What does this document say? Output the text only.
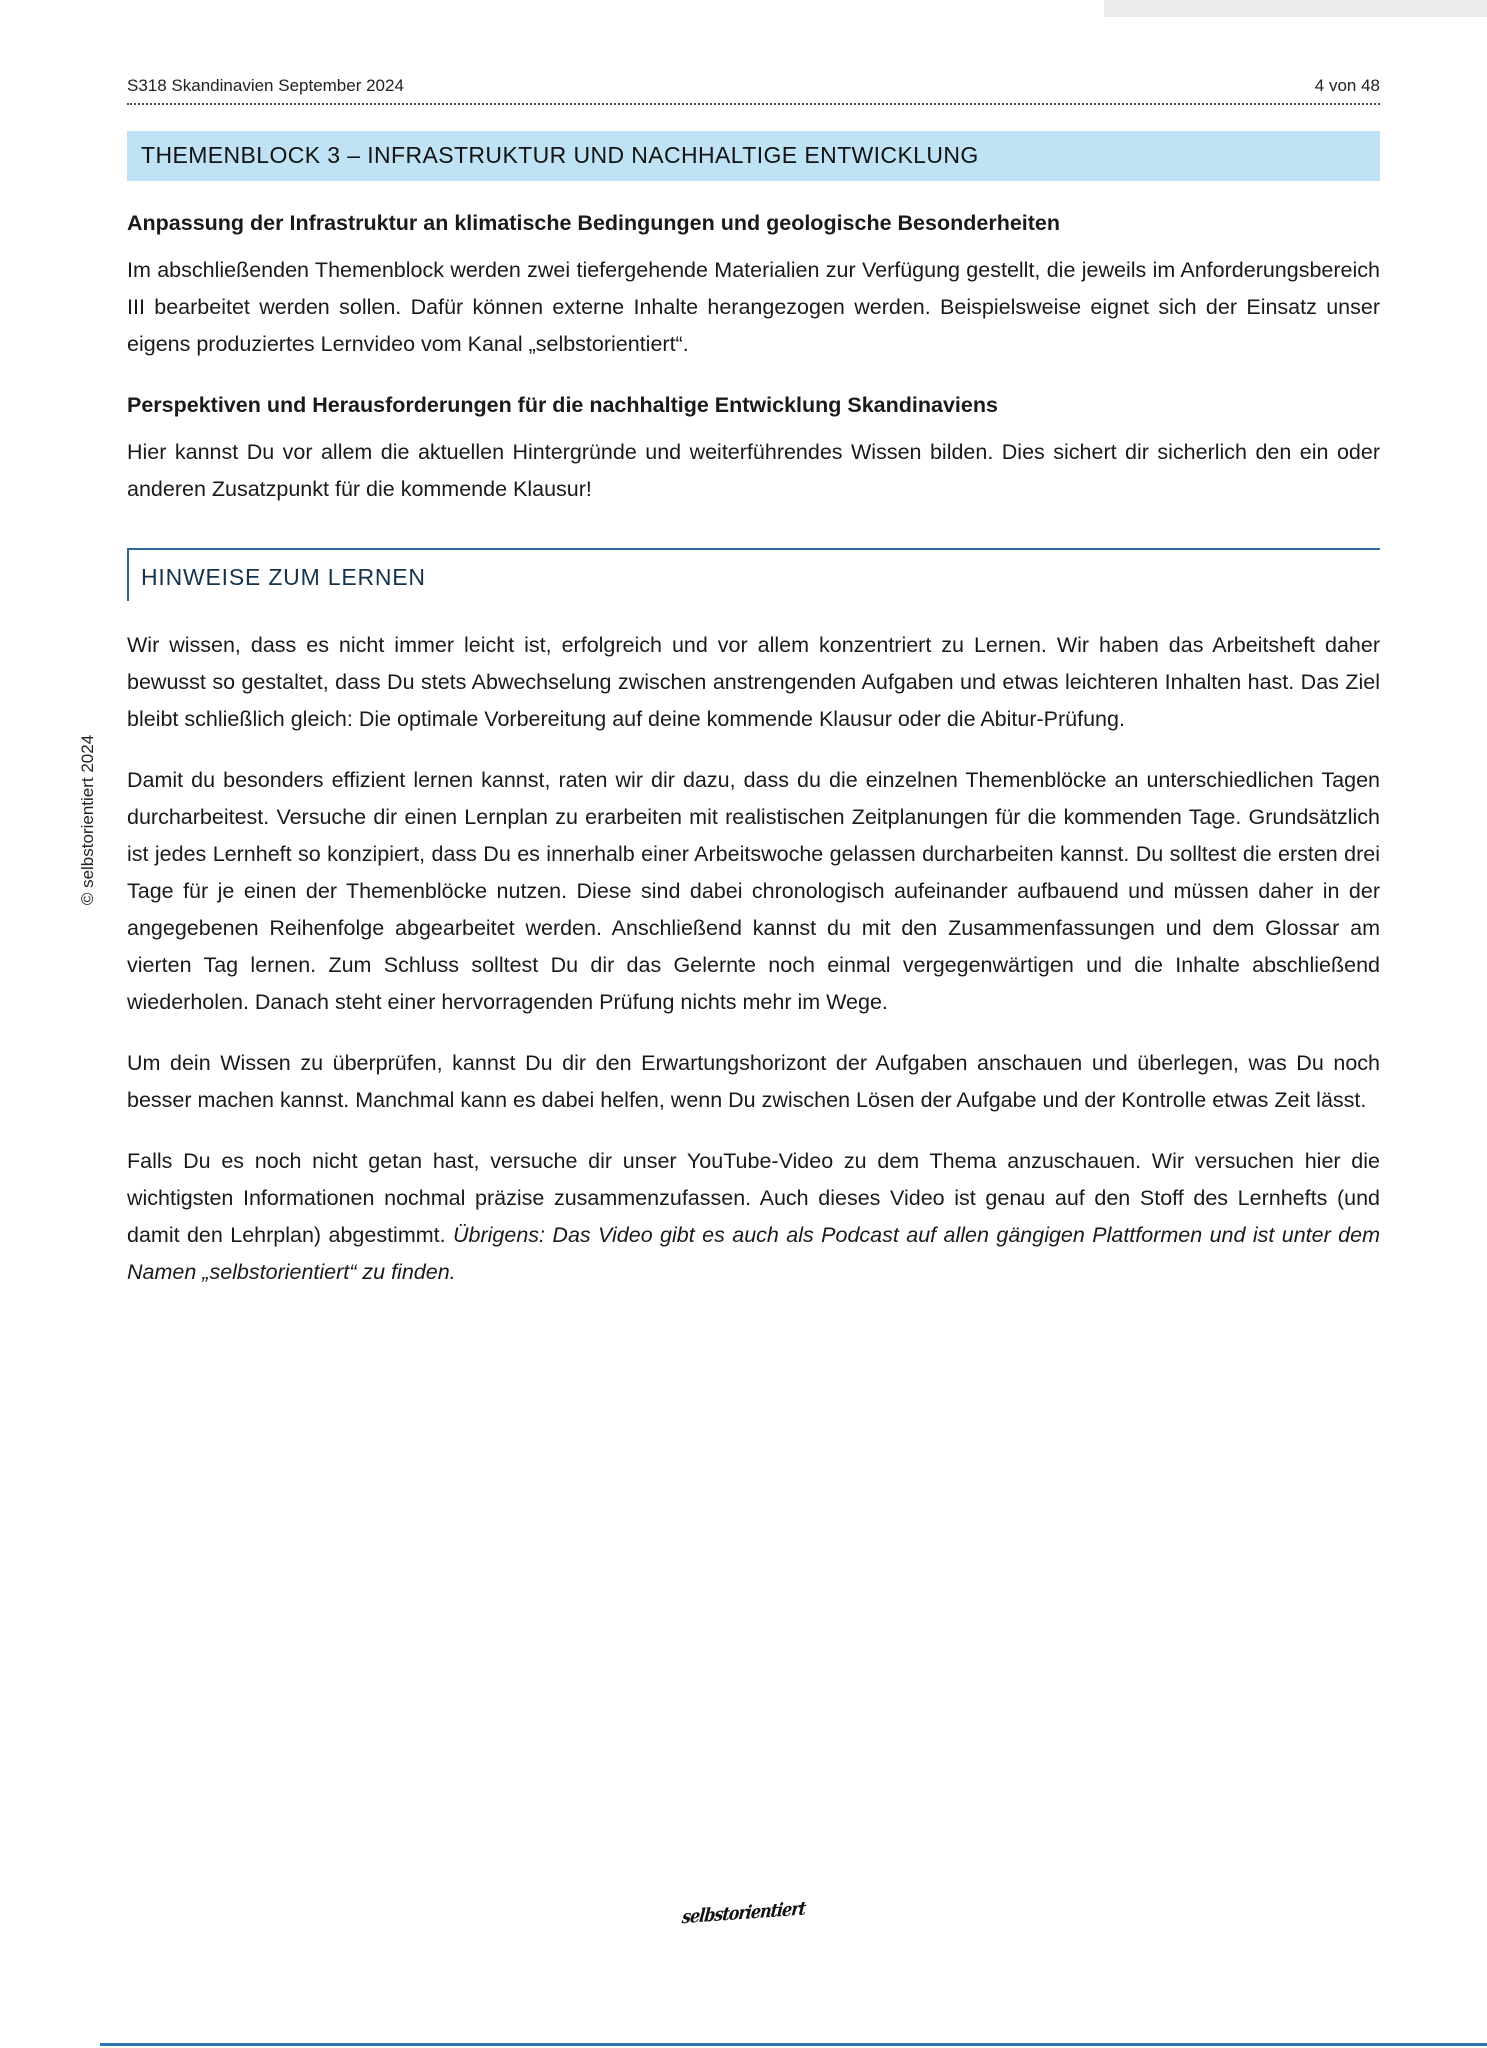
S318 Skandinavien September 2024	4 von 48
THEMENBLOCK 3 – INFRASTRUKTUR UND NACHHALTIGE ENTWICKLUNG
Anpassung der Infrastruktur an klimatische Bedingungen und geologische Besonderheiten

Im abschließenden Themenblock werden zwei tiefergehende Materialien zur Verfügung gestellt, die jeweils im Anforderungsbereich III bearbeitet werden sollen. Dafür können externe Inhalte herangezogen werden. Beispielsweise eignet sich der Einsatz unser eigens produziertes Lernvideo vom Kanal „selbstorientiert“.

Perspektiven und Herausforderungen für die nachhaltige Entwicklung Skandinaviens

Hier kannst Du vor allem die aktuellen Hintergründe und weiterführendes Wissen bilden. Dies sichert dir sicherlich den ein oder anderen Zusatzpunkt für die kommende Klausur!

HINWEISE ZUM LERNEN

Wir wissen, dass es nicht immer leicht ist, erfolgreich und vor allem konzentriert zu Lernen. Wir haben das Arbeitsheft daher bewusst so gestaltet, dass Du stets Abwechselung zwischen anstrengenden Aufgaben und etwas leichteren Inhalten hast. Das Ziel bleibt schließlich gleich: Die optimale Vorbereitung auf deine kommende Klausur oder die Abitur-Prüfung.

Damit du besonders effizient lernen kannst, raten wir dir dazu, dass du die einzelnen Themenblöcke an unterschiedlichen Tagen durcharbeitest. Versuche dir einen Lernplan zu erarbeiten mit realistischen Zeitplanungen für die kommenden Tage. Grundsätzlich ist jedes Lernheft so konzipiert, dass Du es innerhalb einer Arbeitswoche gelassen durcharbeiten kannst. Du solltest die ersten drei Tage für je einen der Themenblöcke nutzen. Diese sind dabei chronologisch aufeinander aufbauend und müssen daher in der angegebenen Reihenfolge abgearbeitet werden. Anschließend kannst du mit den Zusammenfassungen und dem Glossar am vierten Tag lernen. Zum Schluss solltest Du dir das Gelernte noch einmal vergegenwärtigen und die Inhalte abschließend wiederholen. Danach steht einer hervorragenden Prüfung nichts mehr im Wege.

Um dein Wissen zu überprüfen, kannst Du dir den Erwartungshorizont der Aufgaben anschauen und überlegen, was Du noch besser machen kannst. Manchmal kann es dabei helfen, wenn Du zwischen Lösen der Aufgabe und der Kontrolle etwas Zeit lässt.

Falls Du es noch nicht getan hast, versuche dir unser YouTube-Video zu dem Thema anzuschauen. Wir versuchen hier die wichtigsten Informationen nochmal präzise zusammenzufassen. Auch dieses Video ist genau auf den Stoff des Lernhefts (und damit den Lehrplan) abgestimmt. Übrigens: Das Video gibt es auch als Podcast auf allen gängigen Plattformen und ist unter dem Namen „selbstorientiert“ zu finden.

© selbstorientiert 2024
selbstorientiert
